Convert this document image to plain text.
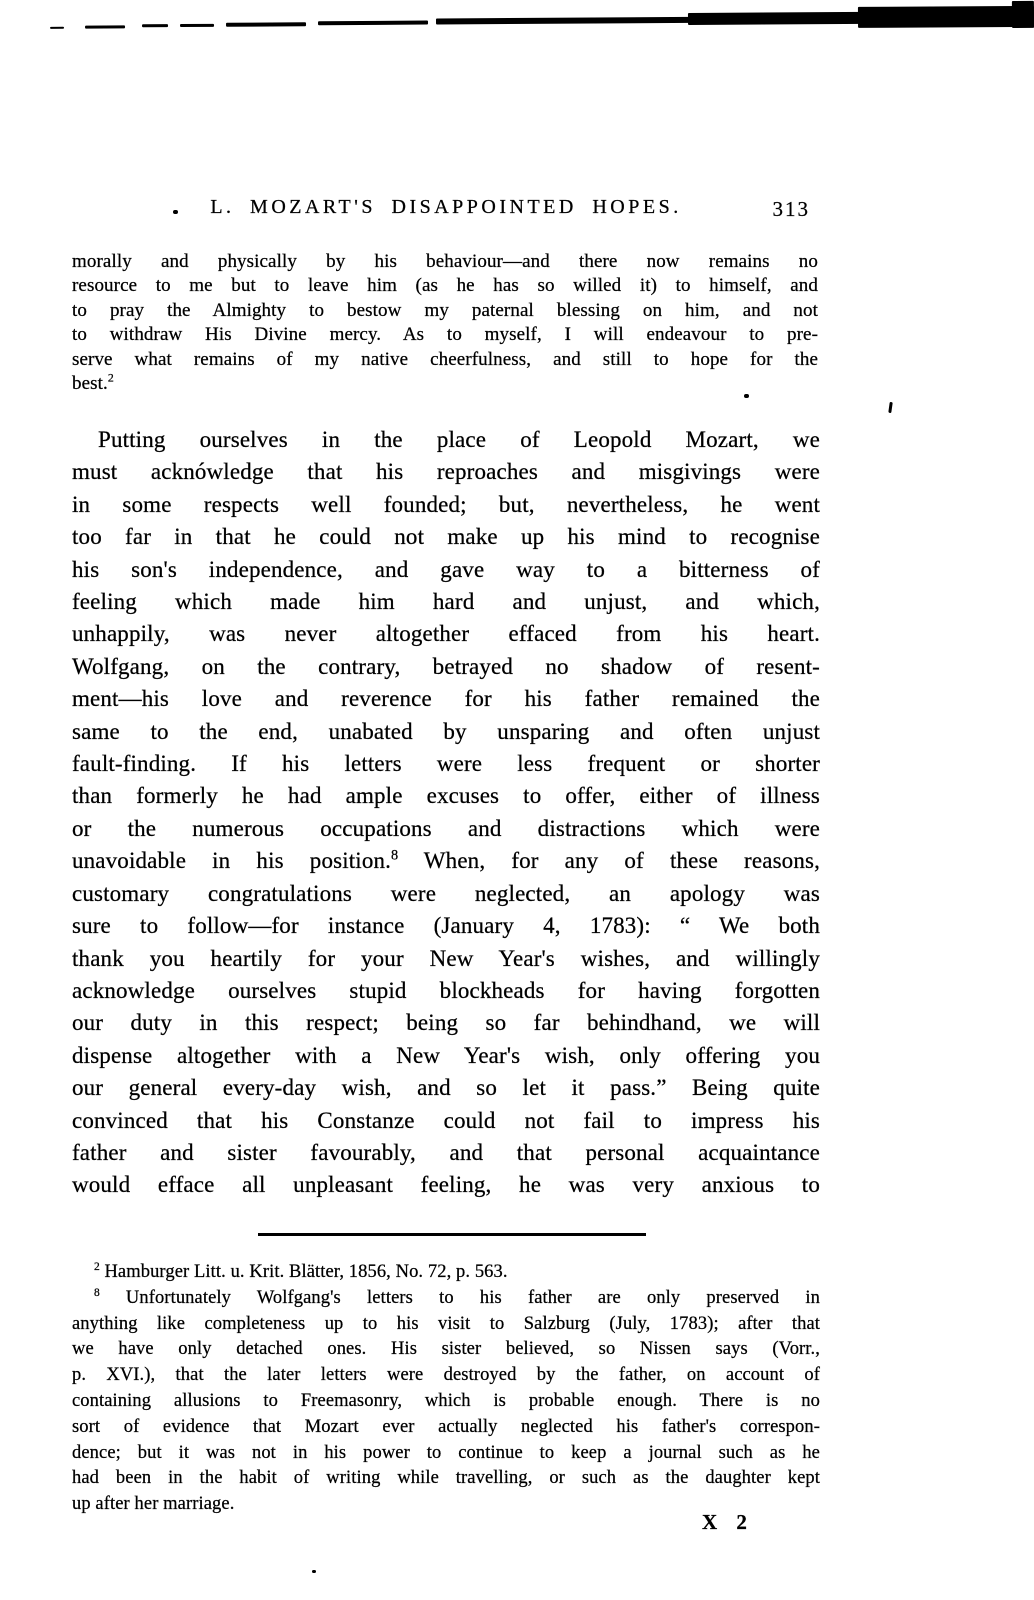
L. MOZART'S DISAPPOINTED HOPES.	313
morally and physically by his behaviour—and there now remains no
resource to me but to leave him (as he has so willed it) to himself, and
to pray the Almighty to bestow my paternal blessing on him, and not
to withdraw His Divine mercy. As to myself, I will endeavour to pre-
serve what remains of my native cheerfulness, and still to hope for the
best.$^2$
Putting ourselves in the place of Leopold Mozart, we
must acknówledge that his reproaches and misgivings were
in some respects well founded; but, nevertheless, he went
too far in that he could not make up his mind to recognise
his son's independence, and gave way to a bitterness of
feeling which made him hard and unjust, and which,
unhappily, was never altogether effaced from his heart.
Wolfgang, on the contrary, betrayed no shadow of resent-
ment—his love and reverence for his father remained the
same to the end, unabated by unsparing and often unjust
fault-finding. If his letters were less frequent or shorter
than formerly he had ample excuses to offer, either of illness
or the numerous occupations and distractions which were
unavoidable in his position.$^8$ When, for any of these reasons,
customary congratulations were neglected, an apology was
sure to follow—for instance (January 4, 1783): “ We both
thank you heartily for your New Year's wishes, and willingly
acknowledge ourselves stupid blockheads for having forgotten
our duty in this respect; being so far behindhand, we will
dispense altogether with a New Year's wish, only offering you
our general every-day wish, and so let it pass.” Being quite
convinced that his Constanze could not fail to impress his
father and sister favourably, and that personal acquaintance
would efface all unpleasant feeling, he was very anxious to
$^2$ Hamburger Litt. u. Krit. Blätter, 1856, No. 72, p. 563.
$^8$ Unfortunately Wolfgang's letters to his father are only preserved in
anything like completeness up to his visit to Salzburg (July, 1783); after that
we have only detached ones. His sister believed, so Nissen says (Vorr.,
p. XVI.), that the later letters were destroyed by the father, on account of
containing allusions to Freemasonry, which is probable enough. There is no
sort of evidence that Mozart ever actually neglected his father's correspon-
dence; but it was not in his power to continue to keep a journal such as he
had been in the habit of writing while travelling, or such as the daughter kept
up after her marriage.
X 2
